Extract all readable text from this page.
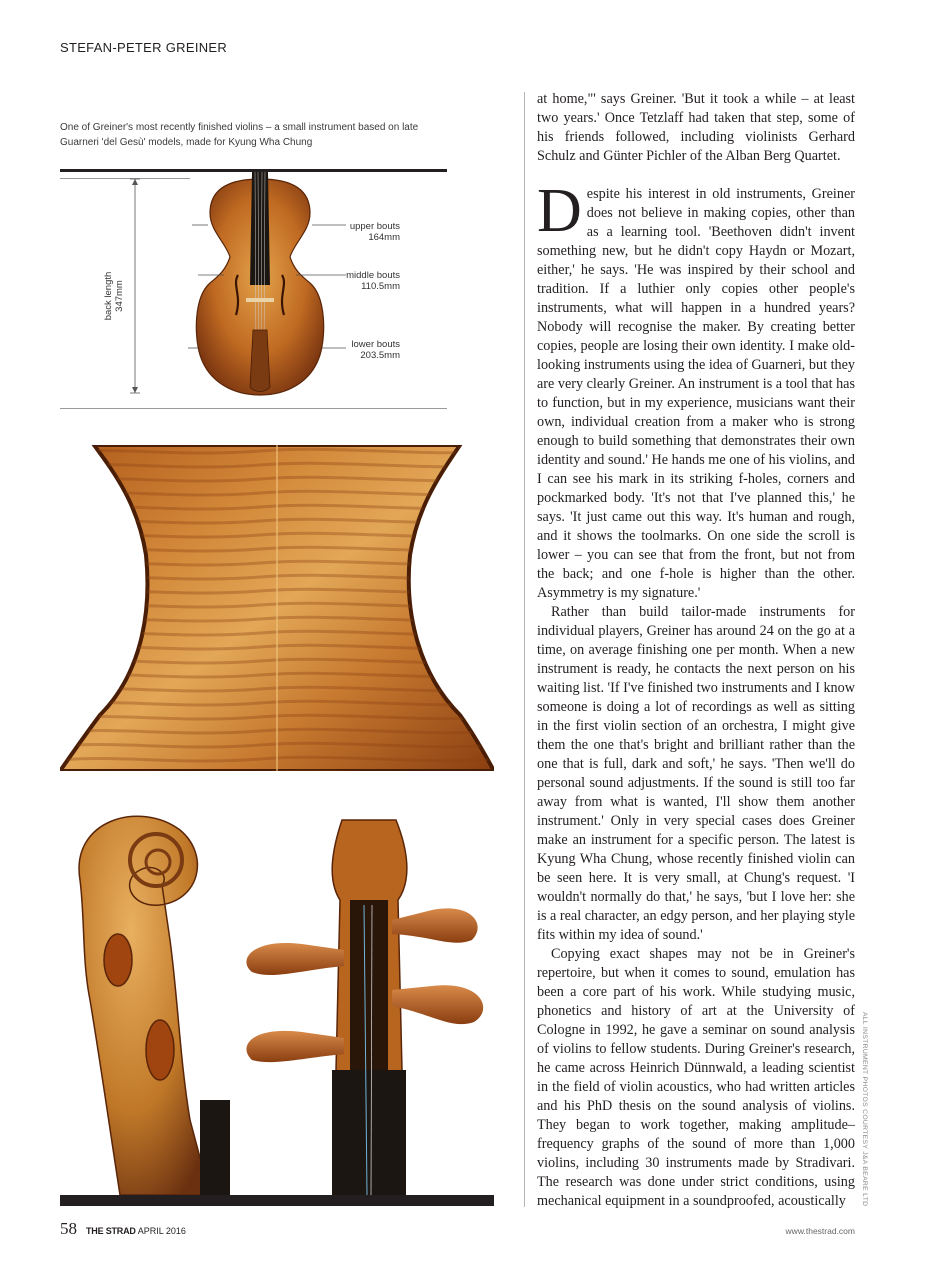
STEFAN-PETER GREINER
One of Greiner's most recently finished violins – a small instrument based on late Guarneri 'del Gesù' models, made for Kyung Wha Chung
back length 347mm
upper bouts
164mm
middle bouts
110.5mm
lower bouts
203.5mm

at home,"' says Greiner. 'But it took a while – at least two years.' Once Tetzlaff had taken that step, some of his friends followed, including violinists Gerhard Schulz and Günter Pichler of the Alban Berg Quartet.

Despite his interest in old instruments, Greiner does not believe in making copies, other than as a learning tool. 'Beethoven didn't invent something new, but he didn't copy Haydn or Mozart, either,' he says. 'He was inspired by their school and tradition. If a luthier only copies other people's instruments, what will happen in a hundred years? Nobody will recognise the maker. By creating better copies, people are losing their own identity. I make old-looking instruments using the idea of Guarneri, but they are very clearly Greiner. An instrument is a tool that has to function, but in my experience, musicians want their own, individual creation from a maker who is strong enough to build something that demonstrates their own identity and sound.' He hands me one of his violins, and I can see his mark in its striking f-holes, corners and pockmarked body. 'It's not that I've planned this,' he says. 'It just came out this way. It's human and rough, and it shows the toolmarks. On one side the scroll is lower – you can see that from the front, but not from the back; and one f-hole is higher than the other. Asymmetry is my signature.'

Rather than build tailor-made instruments for individual players, Greiner has around 24 on the go at a time, on average finishing one per month. When a new instrument is ready, he contacts the next person on his waiting list. 'If I've finished two instruments and I know someone is doing a lot of recordings as well as sitting in the first violin section of an orchestra, I might give them the one that's bright and brilliant rather than the one that is full, dark and soft,' he says. 'Then we'll do personal sound adjustments. If the sound is still too far away from what is wanted, I'll show them another instrument.' Only in very special cases does Greiner make an instrument for a specific person. The latest is Kyung Wha Chung, whose recently finished violin can be seen here. It is very small, at Chung's request. 'I wouldn't normally do that,' he says, 'but I love her: she is a real character, an edgy person, and her playing style fits within my idea of sound.'

Copying exact shapes may not be in Greiner's repertoire, but when it comes to sound, emulation has been a core part of his work. While studying music, phonetics and history of art at the University of Cologne in 1992, he gave a seminar on sound analysis of violins to fellow students. During Greiner's research, he came across Heinrich Dünnwald, a leading scientist in the field of violin acoustics, who had written articles and his PhD thesis on the sound analysis of violins. They began to work together, making amplitude–frequency graphs of the sound of more than 1,000 violins, including 30 instruments made by Stradivari. The research was done under strict conditions, using mechanical equipment in a soundproofed, acoustically	ALL INSTRUMENT PHOTOS COURTESY J&A BEARE LTD
58 THE STRAD APRIL 2016	www.thestrad.com
